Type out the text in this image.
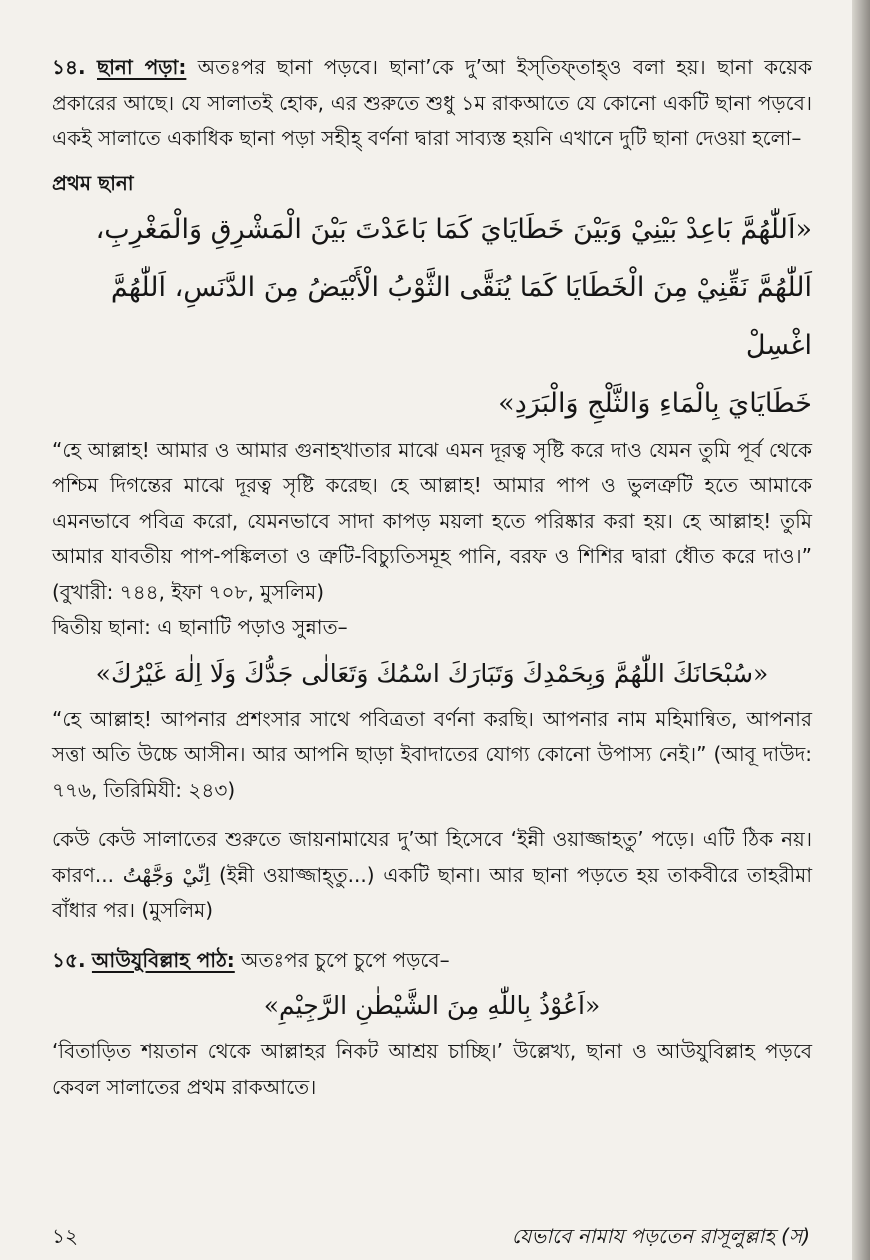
১৪. ছানা পড়া: অতঃপর ছানা পড়বে। ছানা’কে দু’আ ইস্‌তিফ্‌তাহ্‌ও বলা হয়। ছানা কয়েক প্রকারের আছে। যে সালাতই হোক, এর শুরুতে শুধু ১ম রাকআতে যে কোনো একটি ছানা পড়বে। একই সালাতে একাধিক ছানা পড়া সহীহ্ বর্ণনা দ্বারা সাব্যস্ত হয়নি এখানে দুটি ছানা দেওয়া হলো–

প্রথম ছানা

«اَللّٰهُمَّ بَاعِدْ بَيْنِيْ وَبَيْنَ خَطَايَايَ كَمَا بَاعَدْتَ بَيْنَ الْمَشْرِقِ وَالْمَغْرِبِ،

اَللّٰهُمَّ نَقِّنِيْ مِنَ الْخَطَايَا كَمَا يُنَقَّى الثَّوْبُ الْأَبْيَضُ مِنَ الدَّنَسِ، اَللّٰهُمَّ اغْسِلْ

خَطَايَايَ بِالْمَاءِ وَالثَّلْجِ وَالْبَرَدِ»

“হে আল্লাহ! আমার ও আমার গুনাহখাতার মাঝে এমন দূরত্ব সৃষ্টি করে দাও যেমন তুমি পূর্ব থেকে পশ্চিম দিগন্তের মাঝে দূরত্ব সৃষ্টি করেছ। হে আল্লাহ! আমার পাপ ও ভুলত্রুটি হতে আমাকে এমনভাবে পবিত্র করো, যেমনভাবে সাদা কাপড় ময়লা হতে পরিষ্কার করা হয়। হে আল্লাহ! তুমি আমার যাবতীয় পাপ-পঙ্কিলতা ও ত্রুটি-বিচ্যুতিসমূহ পানি, বরফ ও শিশির দ্বারা ধৌত করে দাও।” (বুখারী: ৭৪৪, ইফা ৭০৮, মুসলিম)

দ্বিতীয় ছানা: এ ছানাটি পড়াও সুন্নাত–

«سُبْحَانَكَ اللّٰهُمَّ وَبِحَمْدِكَ وَتَبَارَكَ اسْمُكَ وَتَعَالٰى جَدُّكَ وَلَا اِلٰهَ غَيْرُكَ»

“হে আল্লাহ! আপনার প্রশংসার সাথে পবিত্রতা বর্ণনা করছি। আপনার নাম মহিমান্বিত, আপনার সত্তা অতি উচ্চে আসীন। আর আপনি ছাড়া ইবাদাতের যোগ্য কোনো উপাস্য নেই।” (আবূ দাউদ: ৭৭৬, তিরিমিযী: ২৪৩)

কেউ কেউ সালাতের শুরুতে জায়নামাযের দু’আ হিসেবে ‘ইন্নী ওয়াজ্জাহতু’ পড়ে। এটি ঠিক নয়। কারণ... اِنِّيْ وَجَّهْتُ (ইন্নী ওয়াজ্জাহ্‌তু...) একটি ছানা। আর ছানা পড়তে হয় তাকবীরে তাহরীমা বাঁধার পর। (মুসলিম)

১৫. আউযুবিল্লাহ পাঠ: অতঃপর চুপে চুপে পড়বে–

«اَعُوْذُ بِاللّٰهِ مِنَ الشَّيْطٰنِ الرَّجِيْمِ»

‘বিতাড়িত শয়তান থেকে আল্লাহর নিকট আশ্রয় চাচ্ছি।’ উল্লেখ্য, ছানা ও আউযুবিল্লাহ পড়বে কেবল সালাতের প্রথম রাকআতে।

১২	যেভাবে নামায পড়তেন রাসূলুল্লাহ (স)
